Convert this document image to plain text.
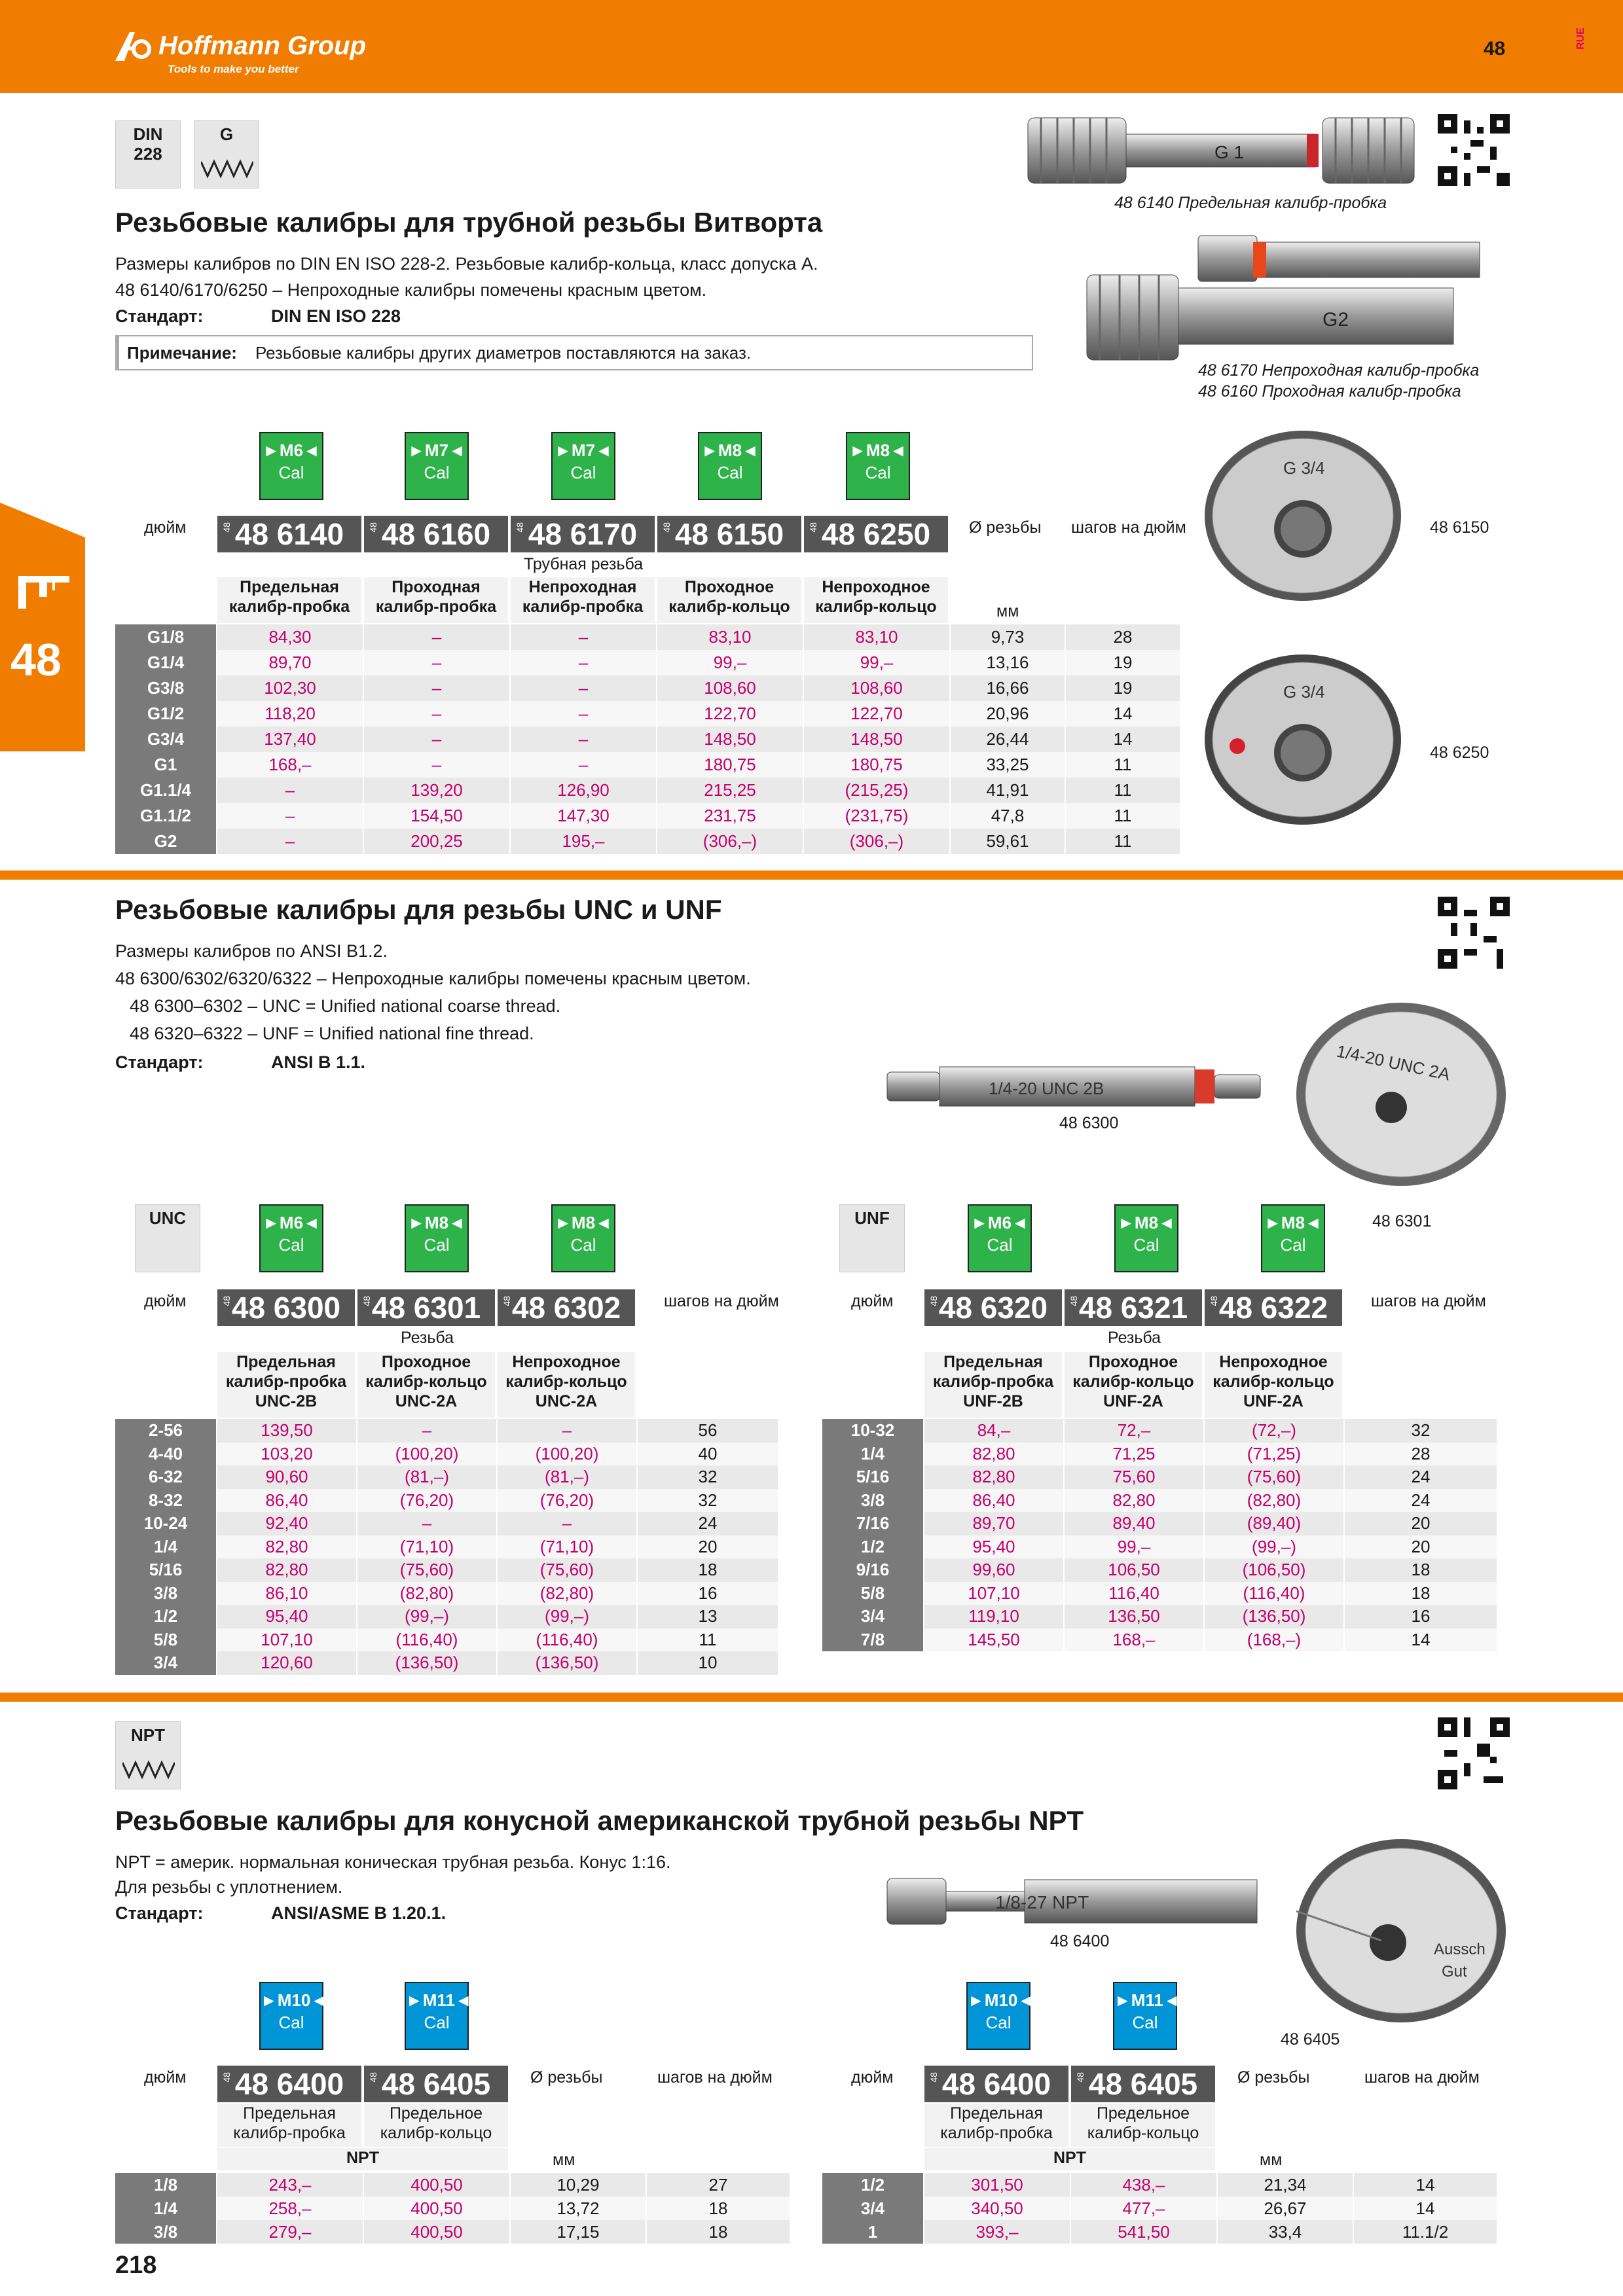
Hoffmann Group
Tools to make you better
48	RUE
48
DIN
228
G
Резьбовые калибры для трубной резьбы Витворта
Размеры калибров по DIN EN ISO 228-2. Резьбовые калибр-кольца, класс допуска A.
48 6140/6170/6250 – Непроходные калибры помечены красным цветом.
Стандарт:	DIN EN ISO 228
Примечание: Резьбовые калибры других диаметров поставляются на заказ.
G 1
48 6140 Предельная калибр-пробка
G2
48 6170 Непроходная калибр-пробка
48 6160 Проходная калибр-пробка
G 3/4
48 6150
G 3/4
48 6250
Резьбовые калибры для резьбы UNC и UNF
Размеры калибров по ANSI B1.2.
48 6300/6302/6320/6322 – Непроходные калибры помечены красным цветом.
48 6300–6302 – UNC = Unified national coarse thread.
48 6320–6322 – UNF = Unified national fine thread.
Стандарт:	ANSI B 1.1.
1/4-20 UNC 2B
48 6300
1/4-20 UNC 2A
48 6301
NPT
Резьбовые калибры для конусной американской трубной резьбы NPT
NPT = америк. нормальная коническая трубная резьба. Конус 1:16.
Для резьбы с уплотнением.
Стандарт:	ANSI/ASME B 1.20.1.
1/8-27 NPT
48 6400	Aussch
Gut
48 6405
218
►M6◄
Cal
►M7◄
Cal
►M7◄
Cal
►M8◄
Cal
►M8◄
Cal
дюйм	48 48 6140	48 48 6160	48 48 6170	48 48 6150	48 48 6250 Ø резьбы шагов на дюйм
Трубная резьба
Предельная калибр-пробка
Проходная калибр-пробка
Непроходная калибр-пробка
Проходное калибр-кольцо
Непроходное калибр-кольцо	мм
G1/8	84,30	–	–	83,10	83,10	9,73	28
G1/4	89,70	–	–	99,–	99,–	13,16	19
G3/8	102,30	–	–	108,60	108,60	16,66	19
G1/2	118,20	–	–	122,70	122,70	20,96	14
G3/4	137,40	–	–	148,50	148,50	26,44	14
G1	168,–	–	–	180,75	180,75	33,25	11
G1.1/4	–	139,20	126,90	215,25	(215,25)	41,91	11
G1.1/2	–	154,50	147,30	231,75	(231,75)	47,8	11
G2	–	200,25	195,–	(306,–)	(306,–)	59,61	11
UNC	►M6◄
Cal
►M8◄
Cal
►M8◄
Cal
дюйм	48 48 6300 48 48 6301 48 48 6302	шагов на дюйм
Резьба
Предельная калибр-пробка UNC-2B
Проходное калибр-кольцо UNC-2A
Непроходное калибр-кольцо UNC-2A
2-56	139,50	–	–	56
4-40	103,20	(100,20)	(100,20)	40
6-32	90,60	(81,–)	(81,–)	32
8-32	86,40	(76,20)	(76,20)	32
10-24	92,40	–	–	24
1/4	82,80	(71,10)	(71,10)	20
5/16	82,80	(75,60)	(75,60)	18
3/8	86,10	(82,80)	(82,80)	16
1/2	95,40	(99,–)	(99,–)	13
5/8	107,10	(116,40)	(116,40)	11
3/4	120,60	(136,50)	(136,50)	10
UNF	►M6◄
Cal
►M8◄
Cal
►M8◄
Cal
дюйм	48 48 6320 48 48 6321 48 48 6322	шагов на дюйм
Резьба
Предельная калибр-пробка UNF-2B
Проходное калибр-кольцо UNF-2A
Непроходное калибр-кольцо UNF-2A
10-32	84,–	72,–	(72,–)	32
1/4	82,80	71,25	(71,25)	28
5/16	82,80	75,60	(75,60)	24
3/8	86,40	82,80	(82,80)	24
7/16	89,70	89,40	(89,40)	20
1/2	95,40	99,–	(99,–)	20
9/16	99,60	106,50	(106,50)	18
5/8	107,10	116,40	(116,40)	18
3/4	119,10	136,50	(136,50)	16
7/8	145,50	168,–	(168,–)	14
►M10◄
Cal
►M11◄
Cal
дюйм	48 48 6400	48 48 6405 Ø резьбы	шагов на дюйм
Предельная калибр-пробка
Предельное калибр-кольцо
NPT	мм
1/8	243,–	400,50	10,29	27
1/4	258,–	400,50	13,72	18
3/8	279,–	400,50	17,15	18
►M10◄
Cal
►M11◄
Cal
дюйм	48 48 6400	48 48 6405 Ø резьбы	шагов на дюйм
Предельная калибр-пробка
Предельное калибр-кольцо
NPT	мм
1/2	301,50	438,–	21,34	14
3/4	340,50	477,–	26,67	14
1	393,–	541,50	33,4	11.1/2
